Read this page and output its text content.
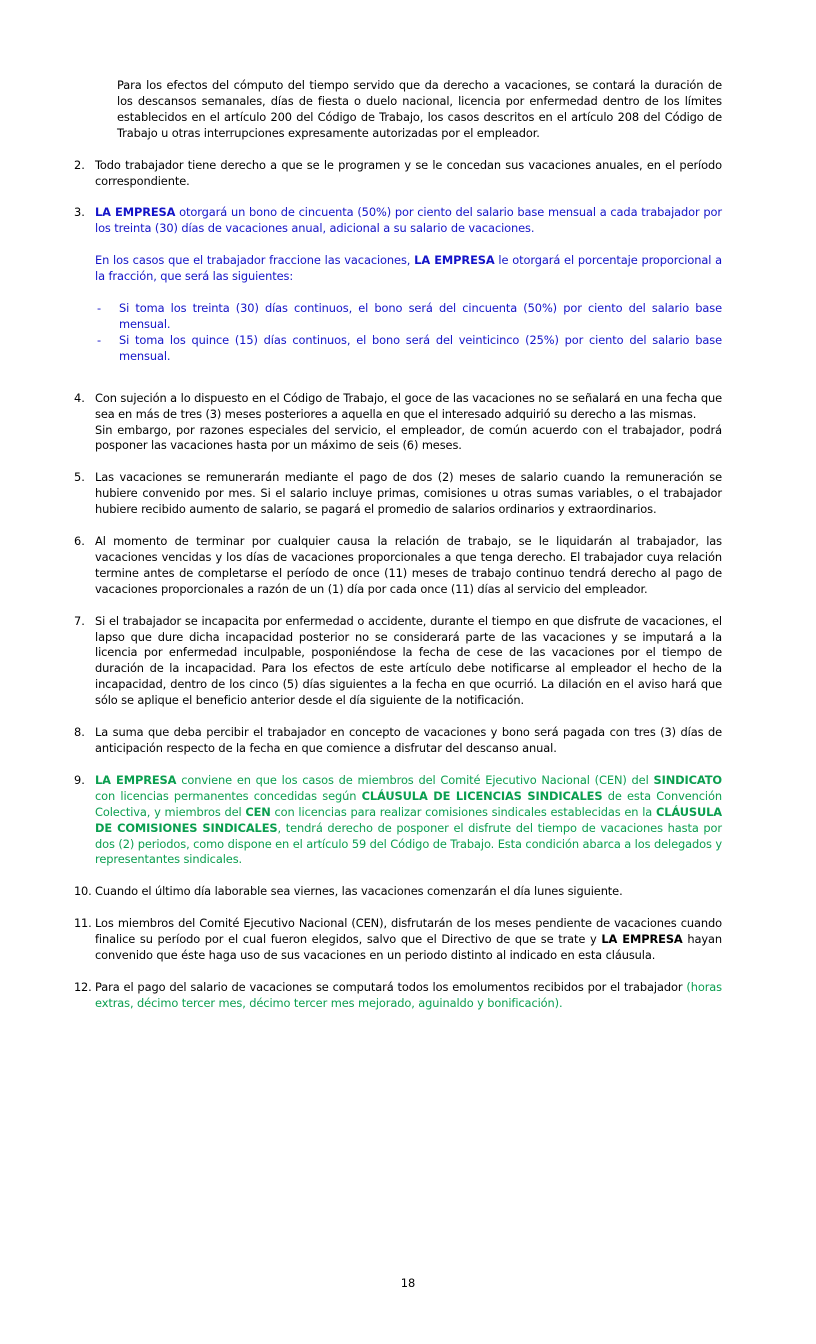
Para los efectos del cómputo del tiempo servido que da derecho a vacaciones, se contará la duración de los descansos semanales, días de fiesta o duelo nacional, licencia por enfermedad dentro de los límites establecidos en el artículo 200 del Código de Trabajo, los casos descritos en el artículo 208 del Código de Trabajo u otras interrupciones expresamente autorizadas por el empleador.

2. Todo trabajador tiene derecho a que se le programen y se le concedan sus vacaciones anuales, en el período correspondiente.
3. LA EMPRESA otorgará un bono de cincuenta (50%) por ciento del salario base mensual a cada trabajador por los treinta (30) días de vacaciones anual, adicional a su salario de vacaciones.
En los casos que el trabajador fraccione las vacaciones, LA EMPRESA le otorgará el porcentaje proporcional a la fracción, que será las siguientes:
-	Si toma los treinta (30) días continuos, el bono será del cincuenta (50%) por ciento del salario base mensual.
-	Si toma los quince (15) días continuos, el bono será del veinticinco (25%) por ciento del salario base mensual.
4. Con sujeción a lo dispuesto en el Código de Trabajo, el goce de las vacaciones no se señalará en una fecha que sea en más de tres (3) meses posteriores a aquella en que el interesado adquirió su derecho a las mismas.
Sin embargo, por razones especiales del servicio, el empleador, de común acuerdo con el trabajador, podrá posponer las vacaciones hasta por un máximo de seis (6) meses.
5. Las vacaciones se remunerarán mediante el pago de dos (2) meses de salario cuando la remuneración se hubiere convenido por mes. Si el salario incluye primas, comisiones u otras sumas variables, o el trabajador hubiere recibido aumento de salario, se pagará el promedio de salarios ordinarios y extraordinarios.
6. Al momento de terminar por cualquier causa la relación de trabajo, se le liquidarán al trabajador, las vacaciones vencidas y los días de vacaciones proporcionales a que tenga derecho. El trabajador cuya relación termine antes de completarse el período de once (11) meses de trabajo continuo tendrá derecho al pago de vacaciones proporcionales a razón de un (1) día por cada once (11) días al servicio del empleador.
7. Si el trabajador se incapacita por enfermedad o accidente, durante el tiempo en que disfrute de vacaciones, el lapso que dure dicha incapacidad posterior no se considerará parte de las vacaciones y se imputará a la licencia por enfermedad inculpable, posponiéndose la fecha de cese de las vacaciones por el tiempo de duración de la incapacidad. Para los efectos de este artículo debe notificarse al empleador el hecho de la incapacidad, dentro de los cinco (5) días siguientes a la fecha en que ocurrió. La dilación en el aviso hará que sólo se aplique el beneficio anterior desde el día siguiente de la notificación.
8. La suma que deba percibir el trabajador en concepto de vacaciones y bono será pagada con tres (3) días de anticipación respecto de la fecha en que comience a disfrutar del descanso anual.
9. LA EMPRESA conviene en que los casos de miembros del Comité Ejecutivo Nacional (CEN) del SINDICATO con licencias permanentes concedidas según CLÁUSULA DE LICENCIAS SINDICALES de esta Convención Colectiva, y miembros del CEN con licencias para realizar comisiones sindicales establecidas en la CLÁUSULA DE COMISIONES SINDICALES, tendrá derecho de posponer el disfrute del tiempo de vacaciones hasta por dos (2) periodos, como dispone en el artículo 59 del Código de Trabajo. Esta condición abarca a los delegados y representantes sindicales.
10. Cuando el último día laborable sea viernes, las vacaciones comenzarán el día lunes siguiente.
11. Los miembros del Comité Ejecutivo Nacional (CEN), disfrutarán de los meses pendiente de vacaciones cuando finalice su período por el cual fueron elegidos, salvo que el Directivo de que se trate y LA EMPRESA hayan convenido que éste haga uso de sus vacaciones en un periodo distinto al indicado en esta cláusula.
12. Para el pago del salario de vacaciones se computará todos los emolumentos recibidos por el trabajador (horas extras, décimo tercer mes, décimo tercer mes mejorado, aguinaldo y bonificación).
18
